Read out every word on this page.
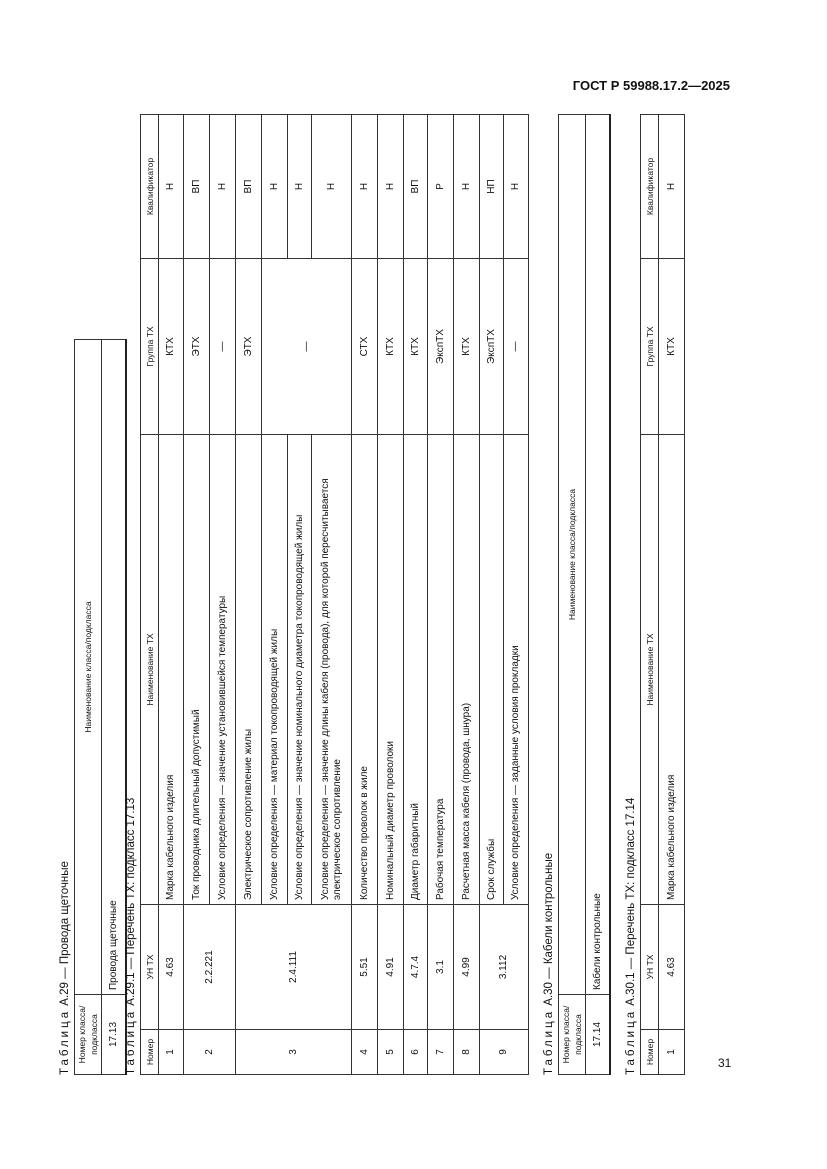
ГОСТ Р 59988.17.2—2025
31
Таблица А.29 — Провода щеточные
Номер класса/подкласса	Наименование класса/подкласса
17.13	Провода щеточные
Таблица А.29.1 — Перечень ТХ: подкласс 17.13
Номер	УН ТХ	Наименование ТХ	Группа ТХ	Квалификатор
1	4.63	Марка кабельного изделия	КТХ	Н
2	2.2.221	Ток проводника длительный допустимый	ЭТХ	ВП
		Условие определения — значение установившейся температуры	—	Н
3	2.4.111	Электрическое сопротивление жилы	ЭТХ	ВП
		Условие определения — материал токопроводящей жилы	—	Н
		Условие определения — значение номинального диаметра токопроводящей жилы		Н
		Условие определения — значение длины кабеля (провода), для которой пересчитывается электрическое сопротивление		Н
4	5.51	Количество проволок в жиле	СТХ	Н
5	4.91	Номинальный диаметр проволоки	КТХ	Н
6	4.7.4	Диаметр габаритный	КТХ	ВП
7	3.1	Рабочая температура	ЭкспТХ	Р
8	4.99	Расчетная масса кабеля (провода, шнура)	КТХ	Н
9	3.112	Срок службы	ЭкспТХ	НП
		Условие определения — заданные условия прокладки	—	Н
Таблица А.30 — Кабели контрольные
Номер класса/подкласса	Наименование класса/подкласса
17.14	Кабели контрольные
Таблица А.30.1 — Перечень ТХ: подкласс 17.14
Номер	УН ТХ	Наименование ТХ	Группа ТХ	Квалификатор
1	4.63	Марка кабельного изделия	КТХ	Н
